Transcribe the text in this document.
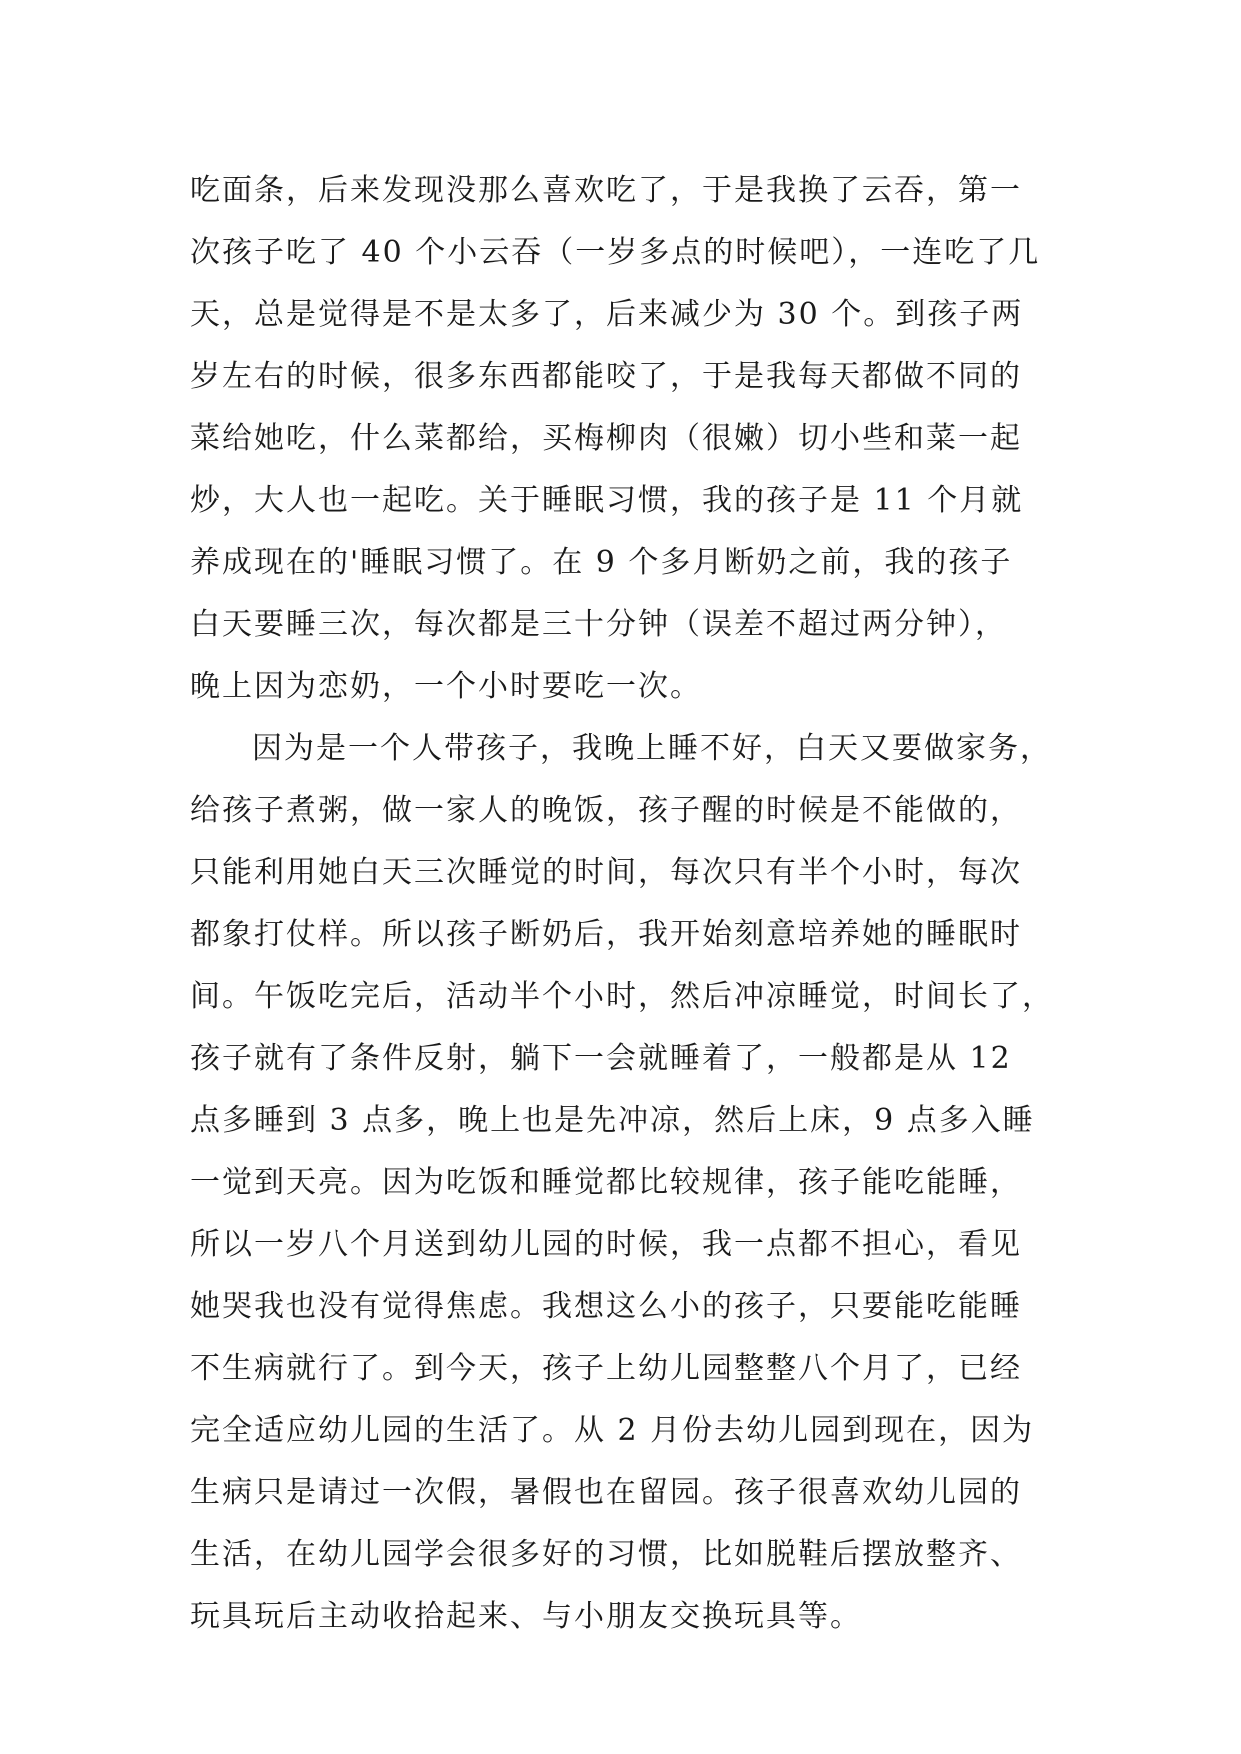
吃面条，后来发现没那么喜欢吃了，于是我换了云吞，第一
次孩子吃了 40 个小云吞（一岁多点的时候吧），一连吃了几
天，总是觉得是不是太多了，后来减少为 30 个。到孩子两
岁左右的时候，很多东西都能咬了，于是我每天都做不同的
菜给她吃，什么菜都给，买梅柳肉（很嫩）切小些和菜一起
炒，大人也一起吃。关于睡眠习惯，我的孩子是 11 个月就
养成现在的'睡眠习惯了。在 9 个多月断奶之前，我的孩子
白天要睡三次，每次都是三十分钟（误差不超过两分钟），
晚上因为恋奶，一个小时要吃一次。
因为是一个人带孩子，我晚上睡不好，白天又要做家务，
给孩子煮粥，做一家人的晚饭，孩子醒的时候是不能做的，
只能利用她白天三次睡觉的时间，每次只有半个小时，每次
都象打仗样。所以孩子断奶后，我开始刻意培养她的睡眠时
间。午饭吃完后，活动半个小时，然后冲凉睡觉，时间长了，
孩子就有了条件反射，躺下一会就睡着了，一般都是从 12
点多睡到 3 点多，晚上也是先冲凉，然后上床，9 点多入睡
一觉到天亮。因为吃饭和睡觉都比较规律，孩子能吃能睡，
所以一岁八个月送到幼儿园的时候，我一点都不担心，看见
她哭我也没有觉得焦虑。我想这么小的孩子，只要能吃能睡
不生病就行了。到今天，孩子上幼儿园整整八个月了，已经
完全适应幼儿园的生活了。从 2 月份去幼儿园到现在，因为
生病只是请过一次假，暑假也在留园。孩子很喜欢幼儿园的
生活，在幼儿园学会很多好的习惯，比如脱鞋后摆放整齐、
玩具玩后主动收拾起来、与小朋友交换玩具等。
